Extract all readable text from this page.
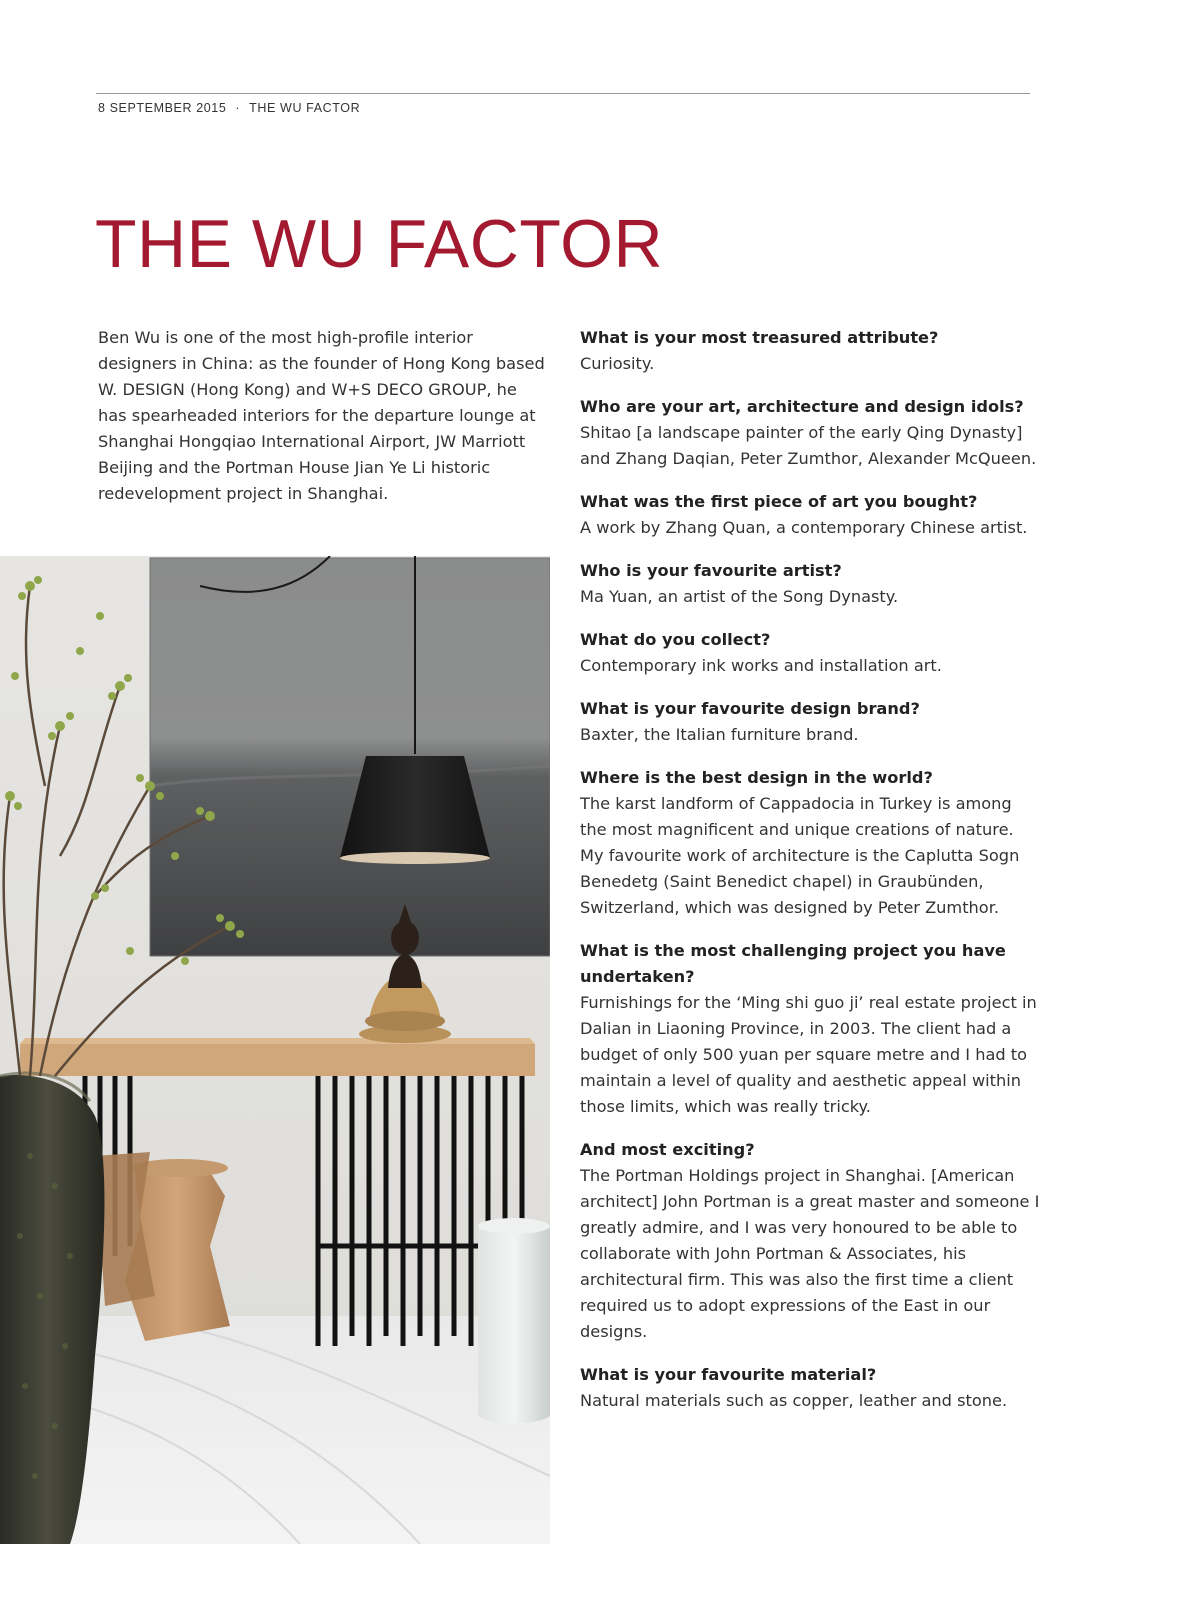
8 SEPTEMBER 2015 · THE WU FACTOR
THE WU FACTOR

Ben Wu is one of the most high-profile interior designers in China: as the founder of Hong Kong based W. DESIGN (Hong Kong) and W+S DECO GROUP, he has spearheaded interiors for the departure lounge at Shanghai Hongqiao International Airport, JW Marriott Beijing and the Portman House Jian Ye Li historic redevelopment project in Shanghai.

What is your most treasured attribute?

Curiosity.

Who are your art, architecture and design idols?

Shitao [a landscape painter of the early Qing Dynasty] and Zhang Daqian, Peter Zumthor, Alexander McQueen.

What was the first piece of art you bought?

A work by Zhang Quan, a contemporary Chinese artist.

Who is your favourite artist?

Ma Yuan, an artist of the Song Dynasty.

What do you collect?

Contemporary ink works and installation art.

What is your favourite design brand?

Baxter, the Italian furniture brand.

Where is the best design in the world?

The karst landform of Cappadocia in Turkey is among the most magnificent and unique creations of nature. My favourite work of architecture is the Caplutta Sogn Benedetg (Saint Benedict chapel) in Graubünden, Switzerland, which was designed by Peter Zumthor.

What is the most challenging project you have undertaken?

Furnishings for the ‘Ming shi guo ji’ real estate project in Dalian in Liaoning Province, in 2003. The client had a budget of only 500 yuan per square metre and I had to maintain a level of quality and aesthetic appeal within those limits, which was really tricky.

And most exciting?

The Portman Holdings project in Shanghai. [American architect] John Portman is a great master and someone I greatly admire, and I was very honoured to be able to collaborate with John Portman & Associates, his architectural firm. This was also the first time a client required us to adopt expressions of the East in our designs.

What is your favourite material?

Natural materials such as copper, leather and stone.
